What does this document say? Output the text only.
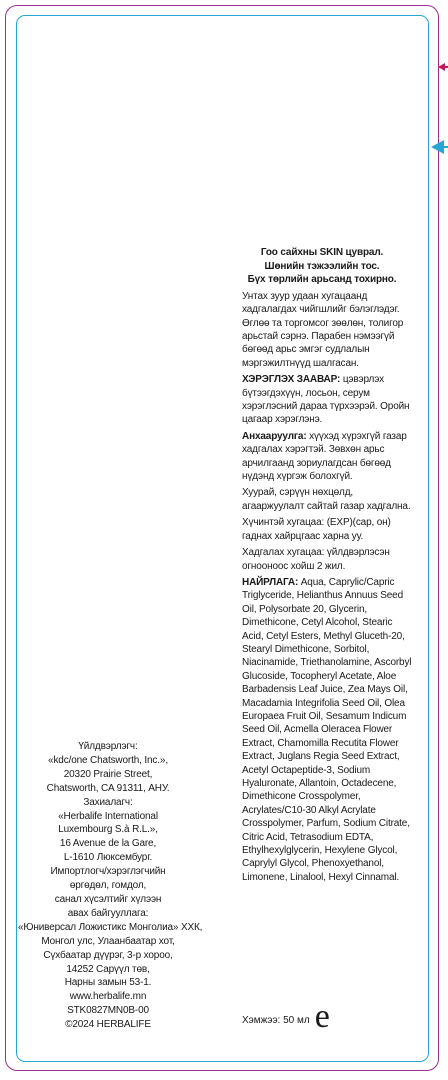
Үйлдвэрлэгч:
«kdc/one Chatsworth, Inc.»,
20320 Prairie Street,
Chatsworth, CA 91311, АНУ.
Захиалагч:
«Herbalife International
Luxembourg S.à R.L.»,
16 Avenue de la Gare,
L-1610 Люксембург.
Импортлогч/хэрэглэгчийн
өргөдөл, гомдол,
санал хүсэлтийг хүлээн
авах байгууллага:
«Юниверсал Ложистикс Монголиа» ХХК,
Монгол улс, Улаанбаатар хот,
Сүхбаатар дүүрэг, 3-р хороо,
14252 Сарүүл төв,
Нарны замын 53-1.
www.herbalife.mn
STK0827MN0B-00
©2024 HERBALIFE
Гоо сайхны SKIN цуврал.
Шөнийн тэжээлийн тос.
Бүх төрлийн арьсанд тохирно.

Унтах зуур удаан хугацаанд хадгалагдах чийгшлийг бэлэглэдэг. Өглөө та торгомсог зөөлөн, толигор арьстай сэрнэ. Парабен нэмээгүй бөгөөд арьс эмгэг судлалын мэргэжилтнүүд шалгасан.

ХЭРЭГЛЭХ ЗААВАР: цэвэрлэх бүтээгдэхүүн, лосьон, серум хэрэглэсний дараа түрхээрэй. Оройн цагаар хэрэглэнэ.

Анхааруулга: хүүхэд хүрэхгүй газар хадгалах хэрэгтэй. Зөвхөн арьс арчилгаанд зориулагдсан бөгөөд нүдэнд хүргэж болохгүй.

Хуурай, сэрүүн нөхцөлд, агааржуулалт сайтай газар хадгална.

Хүчинтэй хугацаа: (EXP)(сар, он) гаднах хайрцгаас харна уу.

Хадгалах хугацаа: үйлдвэрлэсэн огнооноос хойш 2 жил.

НАЙРЛАГА: Aqua, Caprylic/Capric Triglyceride, Helianthus Annuus Seed Oil, Polysorbate 20, Glycerin, Dimethicone, Cetyl Alcohol, Stearic Acid, Cetyl Esters, Methyl Gluceth-20, Stearyl Dimethicone, Sorbitol, Niacinamide, Triethanolamine, Ascorbyl Glucoside, Tocopheryl Acetate, Aloe Barbadensis Leaf Juice, Zea Mays Oil, Macadamia Integrifolia Seed Oil, Olea Europaea Fruit Oil, Sesamum Indicum Seed Oil, Acmella Oleracea Flower Extract, Chamomilla Recutita Flower Extract, Juglans Regia Seed Extract, Acetyl Octapeptide-3, Sodium Hyaluronate, Allantoin, Octadecene, Dimethicone Crosspolymer, Acrylates/C10-30 Alkyl Acrylate Crosspolymer, Parfum, Sodium Citrate, Citric Acid, Tetrasodium EDTA, Ethylhexylglycerin, Hexylene Glycol, Caprylyl Glycol, Phenoxyethanol, Limonene, Linalool, Hexyl Cinnamal.

Хэмжээ: 50 мл e
